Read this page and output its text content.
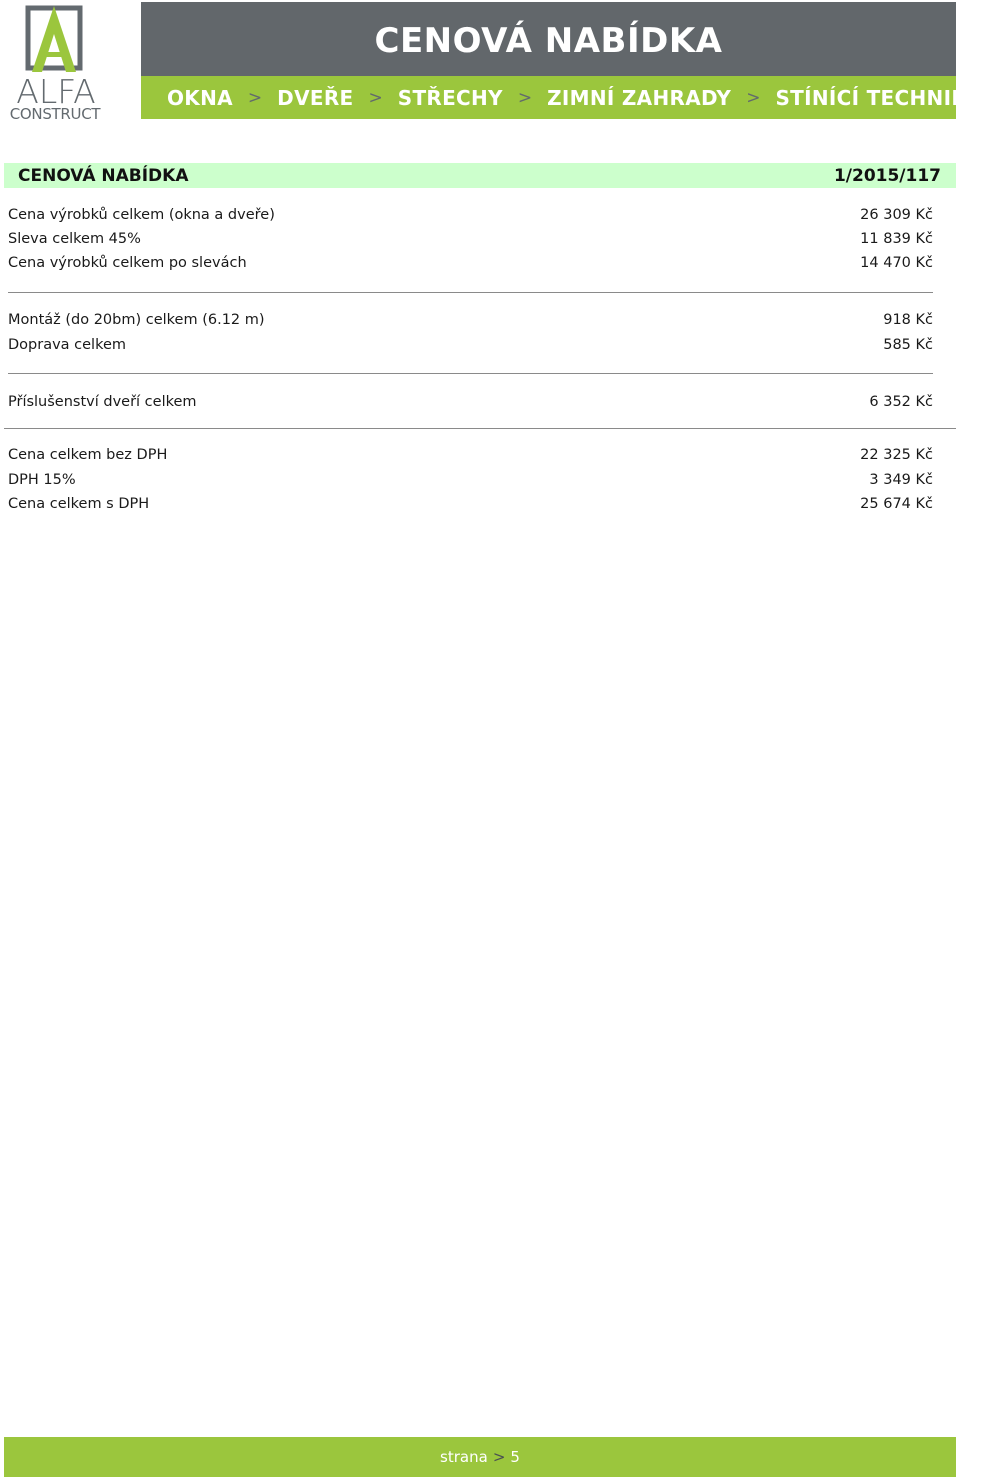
ALFA
CONSTRUCT
CENOVÁ NABÍDKA
OKNA > DVEŘE > STŘECHY > ZIMNÍ ZAHRADY > STÍNÍCÍ TECHNIKA
CENOVÁ NABÍDKA	1/2015/117
Cena výrobků celkem (okna a dveře)	26 309 Kč
Sleva celkem 45%	11 839 Kč
Cena výrobků celkem po slevách	14 470 Kč
Montáž (do 20bm) celkem (6.12 m)	918 Kč
Doprava celkem	585 Kč
Příslušenství dveří celkem	6 352 Kč
Cena celkem bez DPH	22 325 Kč
DPH 15%	3 349 Kč
Cena celkem s DPH	25 674 Kč
strana > 5
